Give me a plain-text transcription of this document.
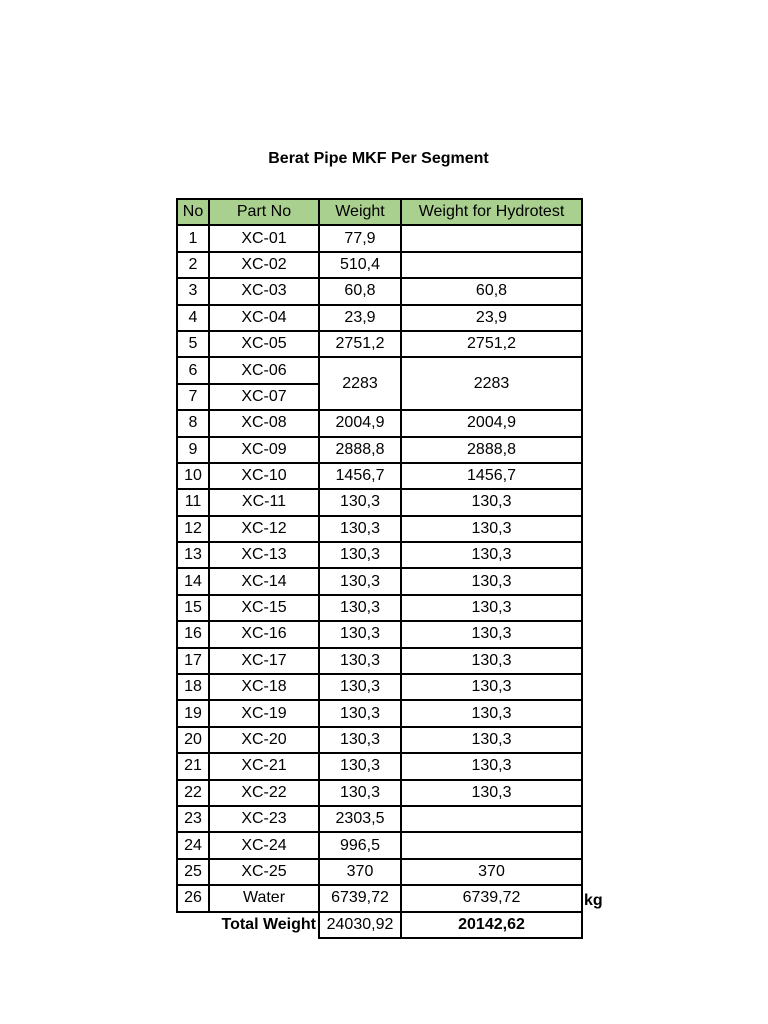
Berat Pipe MKF Per Segment
No	Part No	Weight	Weight for Hydrotest
1	XC-01	77,9	
2	XC-02	510,4	
3	XC-03	60,8	60,8
4	XC-04	23,9	23,9
5	XC-05	2751,2	2751,2
6	XC-06	2283	2283
7	XC-07		
8	XC-08	2004,9	2004,9
9	XC-09	2888,8	2888,8
10	XC-10	1456,7	1456,7
11	XC-11	130,3	130,3
12	XC-12	130,3	130,3
13	XC-13	130,3	130,3
14	XC-14	130,3	130,3
15	XC-15	130,3	130,3
16	XC-16	130,3	130,3
17	XC-17	130,3	130,3
18	XC-18	130,3	130,3
19	XC-19	130,3	130,3
20	XC-20	130,3	130,3
21	XC-21	130,3	130,3
22	XC-22	130,3	130,3
23	XC-23	2303,5	
24	XC-24	996,5	
25	XC-25	370	370
26	Water	6739,72	6739,72
Total Weight		24030,92	20142,62
kg
